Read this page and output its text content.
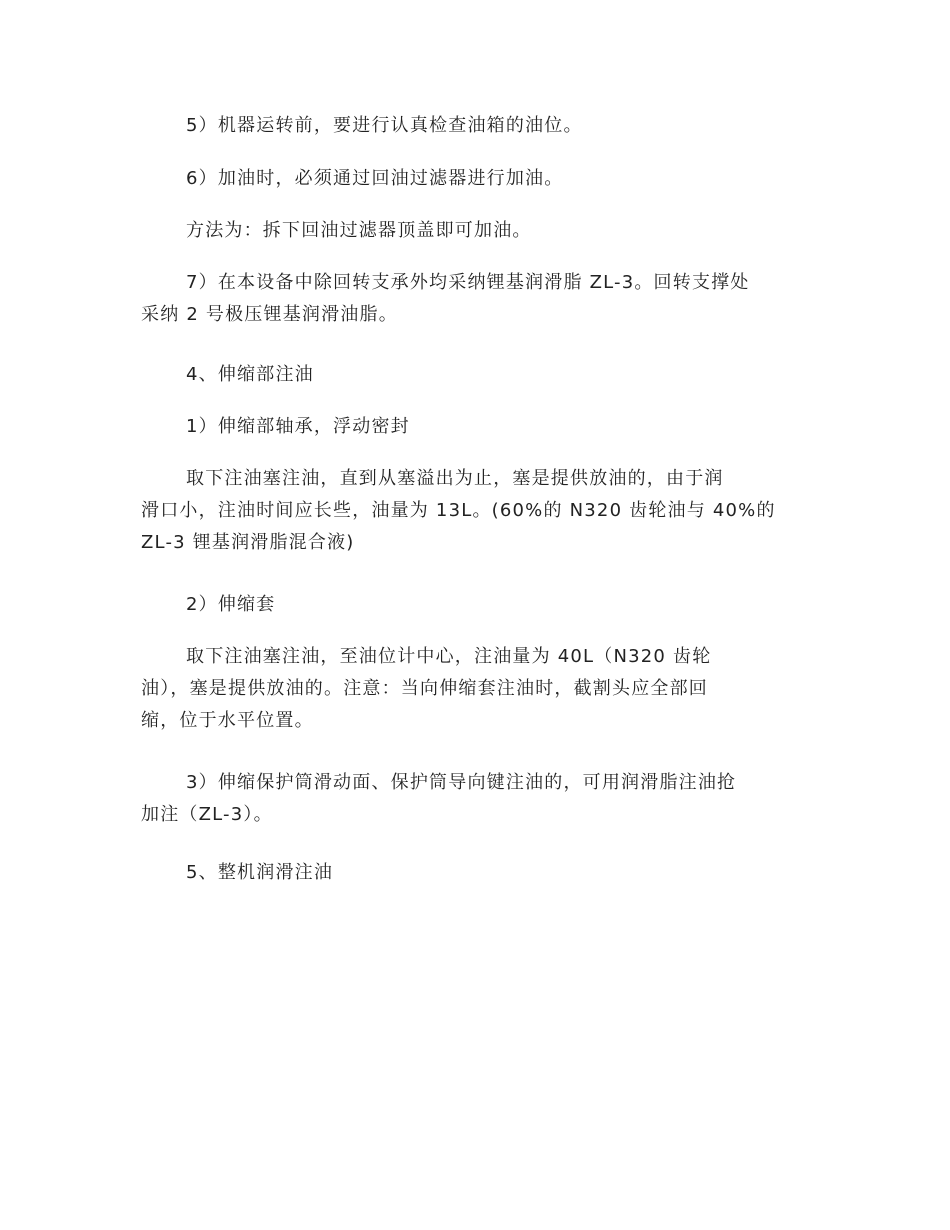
5）机器运转前，要进行认真检查油箱的油位。

6）加油时，必须通过回油过滤器进行加油。

方法为：拆下回油过滤器顶盖即可加油。

7）在本设备中除回转支承外均采纳锂基润滑脂 ZL-3。回转支撑处
采纳 2 号极压锂基润滑油脂。

4、伸缩部注油

1）伸缩部轴承，浮动密封

取下注油塞注油，直到从塞溢出为止，塞是提供放油的，由于润
滑口小，注油时间应长些，油量为 13L。(60%的 N320 齿轮油与 40%的
ZL-3 锂基润滑脂混合液)

2）伸缩套

取下注油塞注油，至油位计中心，注油量为 40L（N320 齿轮
油），塞是提供放油的。注意：当向伸缩套注油时，截割头应全部回
缩，位于水平位置。

3）伸缩保护筒滑动面、保护筒导向键注油的，可用润滑脂注油抢
加注（ZL-3）。

5、整机润滑注油
